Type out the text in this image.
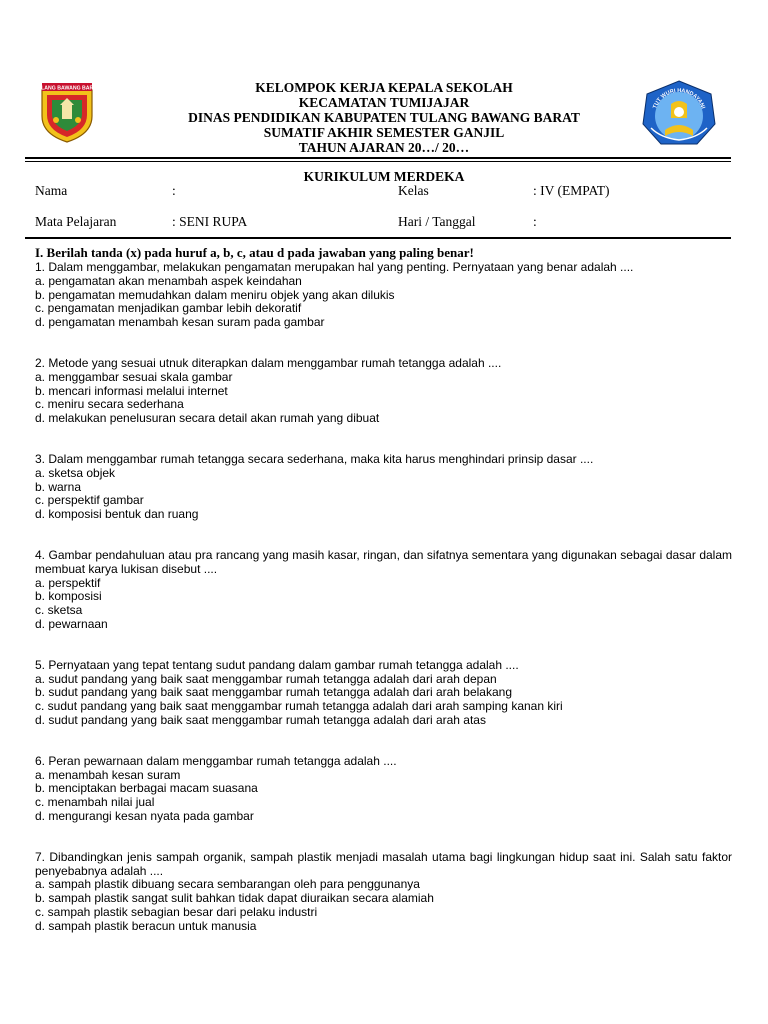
TULANG BAWANG BARAT	KELOMPOK KERJA KEPALA SEKOLAH
KECAMATAN TUMIJAJAR
DINAS PENDIDIKAN KABUPATEN TULANG BAWANG BARAT
SUMATIF AKHIR SEMESTER GANJIL
TAHUN AJARAN 20…/ 20…
TUT WURI HANDAYANI
KURIKULUM MERDEKA
Nama	:	Kelas	: IV (EMPAT)
Mata Pelajaran	: SENI RUPA	Hari / Tanggal	:
I. Berilah tanda (x) pada huruf a, b, c, atau d pada jawaban yang paling benar!
1. Dalam menggambar, melakukan pengamatan merupakan hal yang penting. Pernyataan yang benar adalah ....
a. pengamatan akan menambah aspek keindahan
b. pengamatan memudahkan dalam meniru objek yang akan dilukis
c. pengamatan menjadikan gambar lebih dekoratif
d. pengamatan menambah kesan suram pada gambar
2. Metode yang sesuai utnuk diterapkan dalam menggambar rumah tetangga adalah ....
a. menggambar sesuai skala gambar
b. mencari informasi melalui internet
c. meniru secara sederhana
d. melakukan penelusuran secara detail akan rumah yang dibuat
3. Dalam menggambar rumah tetangga secara sederhana, maka kita harus menghindari prinsip dasar ....
a. sketsa objek
b. warna
c. perspektif gambar
d. komposisi bentuk dan ruang
4. Gambar pendahuluan atau pra rancang yang masih kasar, ringan, dan sifatnya sementara yang digunakan sebagai dasar dalam membuat karya lukisan disebut ....
a. perspektif
b. komposisi
c. sketsa
d. pewarnaan
5. Pernyataan yang tepat tentang sudut pandang dalam gambar rumah tetangga adalah ....
a. sudut pandang yang baik saat menggambar rumah tetangga adalah dari arah depan
b. sudut pandang yang baik saat menggambar rumah tetangga adalah dari arah belakang
c. sudut pandang yang baik saat menggambar rumah tetangga adalah dari arah samping kanan kiri
d. sudut pandang yang baik saat menggambar rumah tetangga adalah dari arah atas
6. Peran pewarnaan dalam menggambar rumah tetangga adalah ....
a. menambah kesan suram
b. menciptakan berbagai macam suasana
c. menambah nilai jual
d. mengurangi kesan nyata pada gambar
7. Dibandingkan jenis sampah organik, sampah plastik menjadi masalah utama bagi lingkungan hidup saat ini. Salah satu faktor penyebabnya adalah ....
a. sampah plastik dibuang secara sembarangan oleh para penggunanya
b. sampah plastik sangat sulit bahkan tidak dapat diuraikan secara alamiah
c. sampah plastik sebagian besar dari pelaku industri
d. sampah plastik beracun untuk manusia
